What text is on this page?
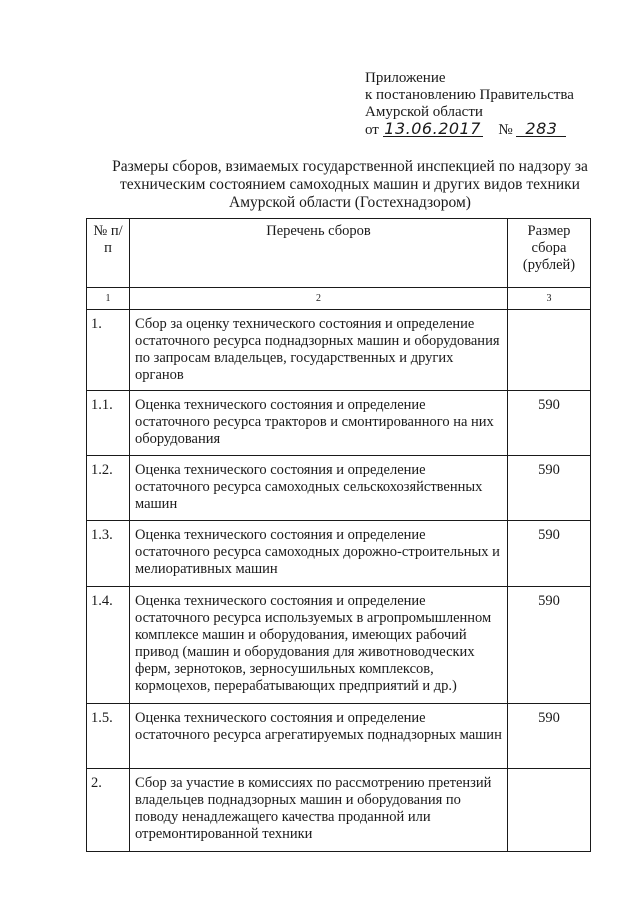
Приложение
к постановлению Правительства
Амурской области
от 13.06.2017 № 283
Размеры сборов, взимаемых государственной инспекцией по надзору за техническим состоянием самоходных машин и других видов техники Амурской области (Гостехнадзором)
№ п/п	Перечень сборов	Размер сбора (рублей)
1	2	3
1.	Сбор за оценку технического состояния и определение остаточного ресурса поднадзорных машин и оборудования по запросам владельцев, государственных и других органов	
1.1.	Оценка технического состояния и определение остаточного ресурса тракторов и смонтированного на них оборудования	590
1.2.	Оценка технического состояния и определение остаточного ресурса самоходных сельскохозяйственных машин	590
1.3.	Оценка технического состояния и определение остаточного ресурса самоходных дорожно-строительных и мелиоративных машин	590
1.4.	Оценка технического состояния и определение остаточного ресурса используемых в агропромышленном комплексе машин и оборудования, имеющих рабочий привод (машин и оборудования для животноводческих ферм, зернотоков, зерносушильных комплексов, кормоцехов, перерабатывающих предприятий и др.)	590
1.5.	Оценка технического состояния и определение остаточного ресурса агрегатируемых поднадзорных машин	590
2.	Сбор за участие в комиссиях по рассмотрению претензий владельцев поднадзорных машин и оборудования по поводу ненадлежащего качества проданной или отремонтированной техники	
